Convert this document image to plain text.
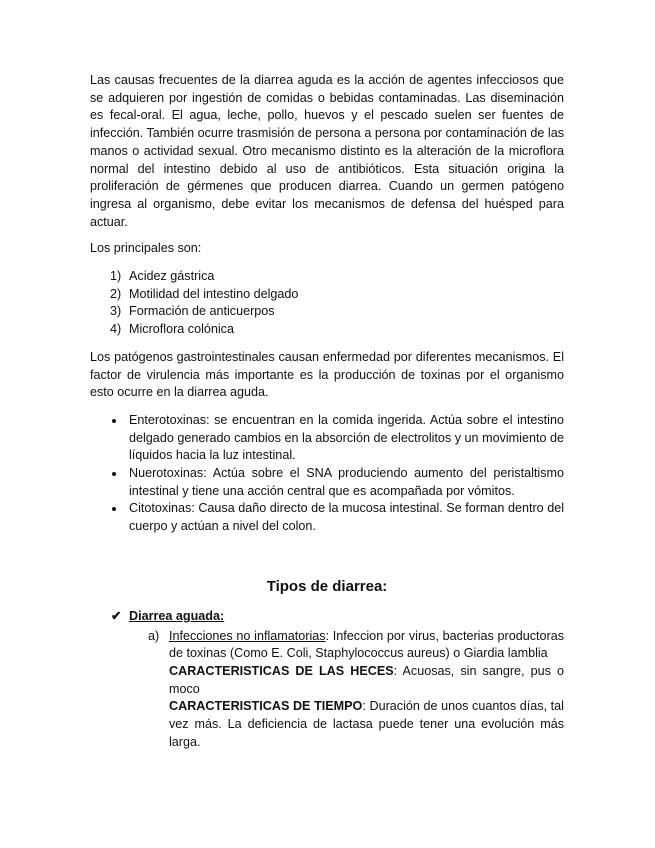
Las causas frecuentes de la diarrea aguda es la acción de agentes infecciosos que se adquieren por ingestión de comidas o bebidas contaminadas. Las diseminación es fecal-oral. El agua, leche, pollo, huevos y el pescado suelen ser fuentes de infección. También ocurre trasmisión de persona a persona por contaminación de las manos o actividad sexual. Otro mecanismo distinto es la alteración de la microflora normal del intestino debido al uso de antibióticos. Esta situación origina la proliferación de gérmenes que producen diarrea. Cuando un germen patógeno ingresa al organismo, debe evitar los mecanismos de defensa del huésped para actuar.

Los principales son:

1) Acidez gástrica
2) Motilidad del intestino delgado
3) Formación de anticuerpos
4) Microflora colónica

Los patógenos gastrointestinales causan enfermedad por diferentes mecanismos. El factor de virulencia más importante es la producción de toxinas por el organismo esto ocurre en la diarrea aguda.

Enterotoxinas: se encuentran en la comida ingerida. Actúa sobre el intestino delgado generado cambios en la absorción de electrolitos y un movimiento de líquidos hacia la luz intestinal.
Nuerotoxinas: Actúa sobre el SNA produciendo aumento del peristaltismo intestinal y tiene una acción central que es acompañada por vómitos.
Citotoxinas: Causa daño directo de la mucosa intestinal. Se forman dentro del cuerpo y actúan a nivel del colon.
Tipos de diarrea:
✔ Diarrea aguada:
a) Infecciones no inflamatorias: Infeccion por virus, bacterias productoras de toxinas (Como E. Coli, Staphylococcus aureus) o Giardia lamblia

CARACTERISTICAS DE LAS HECES: Acuosas, sin sangre, pus o moco

CARACTERISTICAS DE TIEMPO: Duración de unos cuantos días, tal vez más. La deficiencia de lactasa puede tener una evolución más larga.
